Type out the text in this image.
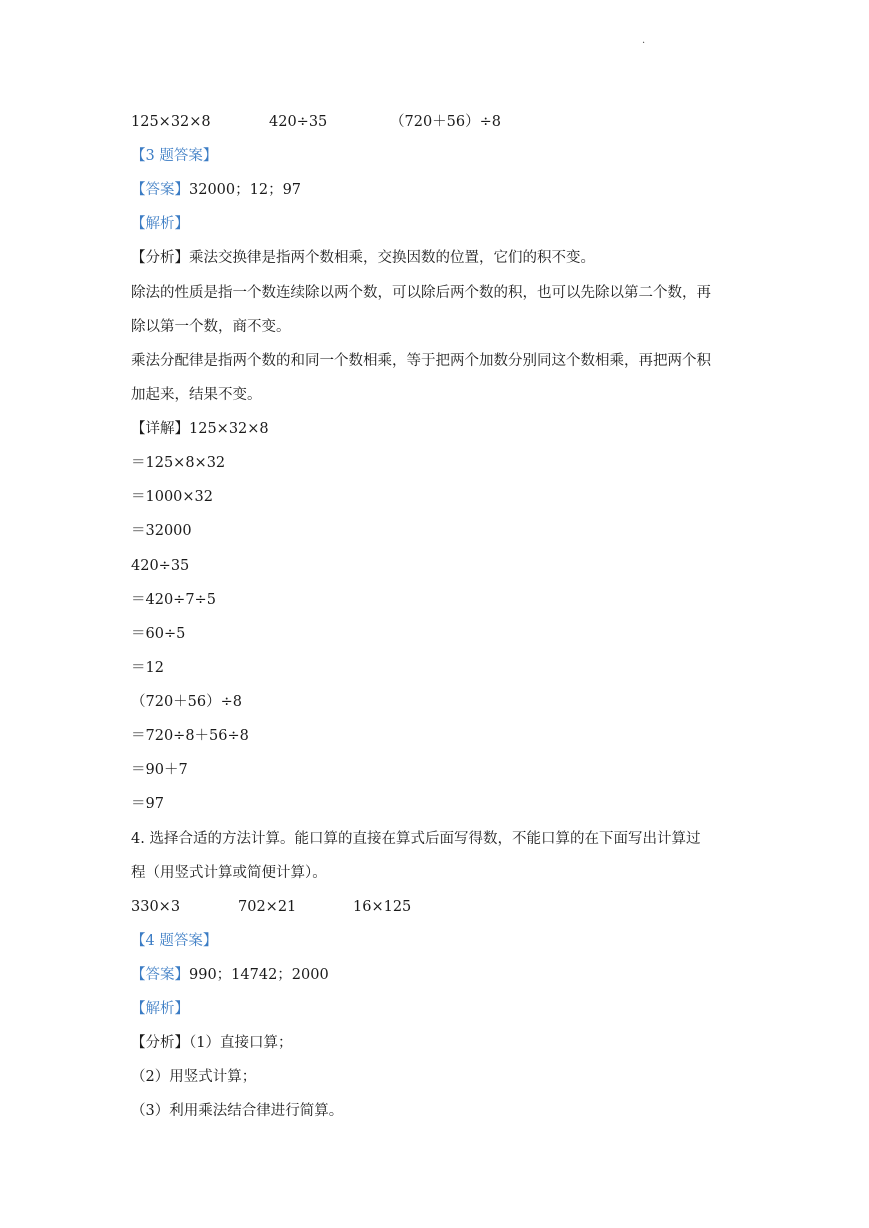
·
125×32×8	420÷35	（720＋56）÷8
【3 题答案】
【答案】32000；12；97
【解析】
【分析】乘法交换律是指两个数相乘，交换因数的位置，它们的积不变。
除法的性质是指一个数连续除以两个数，可以除后两个数的积，也可以先除以第二个数，再
除以第一个数，商不变。
乘法分配律是指两个数的和同一个数相乘，等于把两个加数分别同这个数相乘，再把两个积
加起来，结果不变。
【详解】125×32×8
＝125×8×32
＝1000×32
＝32000
420÷35
＝420÷7÷5
＝60÷5
＝12
（720＋56）÷8
＝720÷8＋56÷8
＝90＋7
＝97
4. 选择合适的方法计算。能口算的直接在算式后面写得数，不能口算的在下面写出计算过
程（用竖式计算或简便计算）。
330×3	702×21	16×125
【4 题答案】
【答案】990；14742；2000
【解析】
【分析】（1）直接口算；
（2）用竖式计算；
（3）利用乘法结合律进行简算。
